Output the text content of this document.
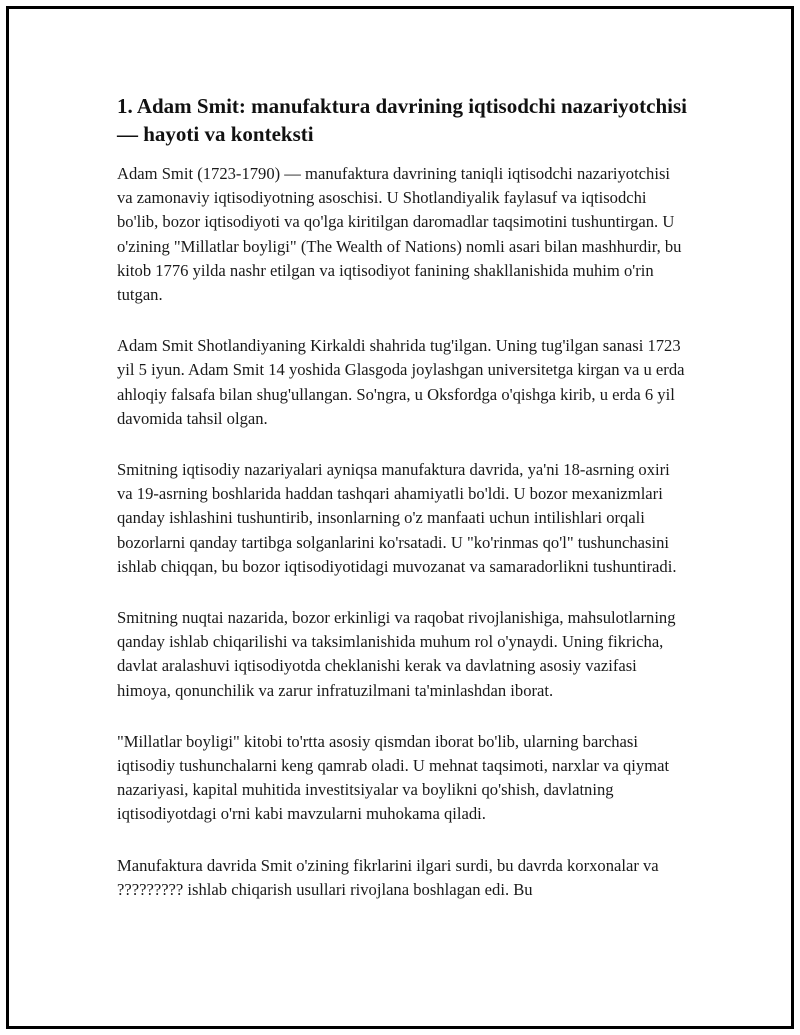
1. Adam Smit: manufaktura davrining iqtisodchi nazariyotchisi — hayoti va konteksti

Adam Smit (1723-1790) — manufaktura davrining taniqli iqtisodchi nazariyotchisi va zamonaviy iqtisodiyotning asoschisi. U Shotlandiyalik faylasuf va iqtisodchi bo'lib, bozor iqtisodiyoti va qo'lga kiritilgan daromadlar taqsimotini tushuntirgan. U o'zining "Millatlar boyligi" (The Wealth of Nations) nomli asari bilan mashhurdir, bu kitob 1776 yilda nashr etilgan va iqtisodiyot fanining shakllanishida muhim o'rin tutgan.

Adam Smit Shotlandiyaning Kirkaldi shahrida tug'ilgan. Uning tug'ilgan sanasi 1723 yil 5 iyun. Adam Smit 14 yoshida Glasgoda joylashgan universitetga kirgan va u erda ahloqiy falsafa bilan shug'ullangan. So'ngra, u Oksfordga o'qishga kirib, u erda 6 yil davomida tahsil olgan.

Smitning iqtisodiy nazariyalari ayniqsa manufaktura davrida, ya'ni 18-asrning oxiri va 19-asrning boshlarida haddan tashqari ahamiyatli bo'ldi. U bozor mexanizmlari qanday ishlashini tushuntirib, insonlarning o'z manfaati uchun intilishlari orqali bozorlarni qanday tartibga solganlarini ko'rsatadi. U "ko'rinmas qo'l" tushunchasini ishlab chiqqan, bu bozor iqtisodiyotidagi muvozanat va samaradorlikni tushuntiradi.

Smitning nuqtai nazarida, bozor erkinligi va raqobat rivojlanishiga, mahsulotlarning qanday ishlab chiqarilishi va taksimlanishida muhum rol o'ynaydi. Uning fikricha, davlat aralashuvi iqtisodiyotda cheklanishi kerak va davlatning asosiy vazifasi himoya, qonunchilik va zarur infratuzilmani ta'minlashdan iborat.

"Millatlar boyligi" kitobi to'rtta asosiy qismdan iborat bo'lib, ularning barchasi iqtisodiy tushunchalarni keng qamrab oladi. U mehnat taqsimoti, narxlar va qiymat nazariyasi, kapital muhitida investitsiyalar va boylikni qo'shish, davlatning iqtisodiyotdagi o'rni kabi mavzularni muhokama qiladi.

Manufaktura davrida Smit o'zining fikrlarini ilgari surdi, bu davrda korxonalar va ????????? ishlab chiqarish usullari rivojlana boshlagan edi. Bu
